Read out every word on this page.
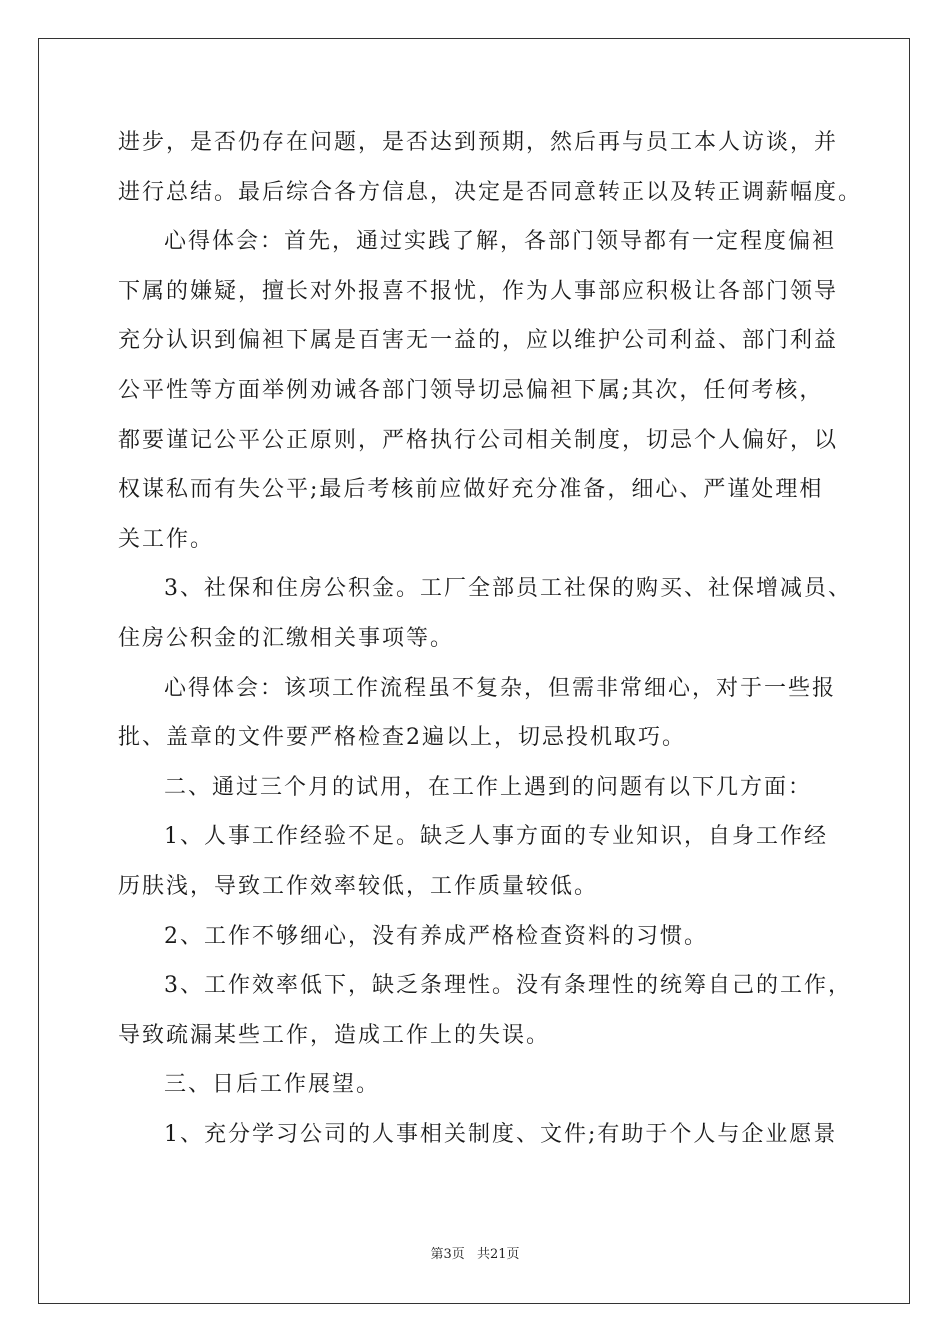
进步，是否仍存在问题，是否达到预期，然后再与员工本人访谈，并
进行总结。最后综合各方信息，决定是否同意转正以及转正调薪幅度。
心得体会：首先，通过实践了解，各部门领导都有一定程度偏袒
下属的嫌疑，擅长对外报喜不报忧，作为人事部应积极让各部门领导
充分认识到偏袒下属是百害无一益的，应以维护公司利益、部门利益
公平性等方面举例劝诫各部门领导切忌偏袒下属;其次，任何考核，
都要谨记公平公正原则，严格执行公司相关制度，切忌个人偏好，以
权谋私而有失公平;最后考核前应做好充分准备，细心、严谨处理相
关工作。
3、社保和住房公积金。工厂全部员工社保的购买、社保增减员、
住房公积金的汇缴相关事项等。
心得体会：该项工作流程虽不复杂，但需非常细心，对于一些报
批、盖章的文件要严格检查2遍以上，切忌投机取巧。
二、通过三个月的试用，在工作上遇到的问题有以下几方面：
1、人事工作经验不足。缺乏人事方面的专业知识，自身工作经
历肤浅，导致工作效率较低，工作质量较低。
2、工作不够细心，没有养成严格检查资料的习惯。
3、工作效率低下，缺乏条理性。没有条理性的统筹自己的工作，
导致疏漏某些工作，造成工作上的失误。
三、日后工作展望。
1、充分学习公司的人事相关制度、文件;有助于个人与企业愿景
第3页 共21页
